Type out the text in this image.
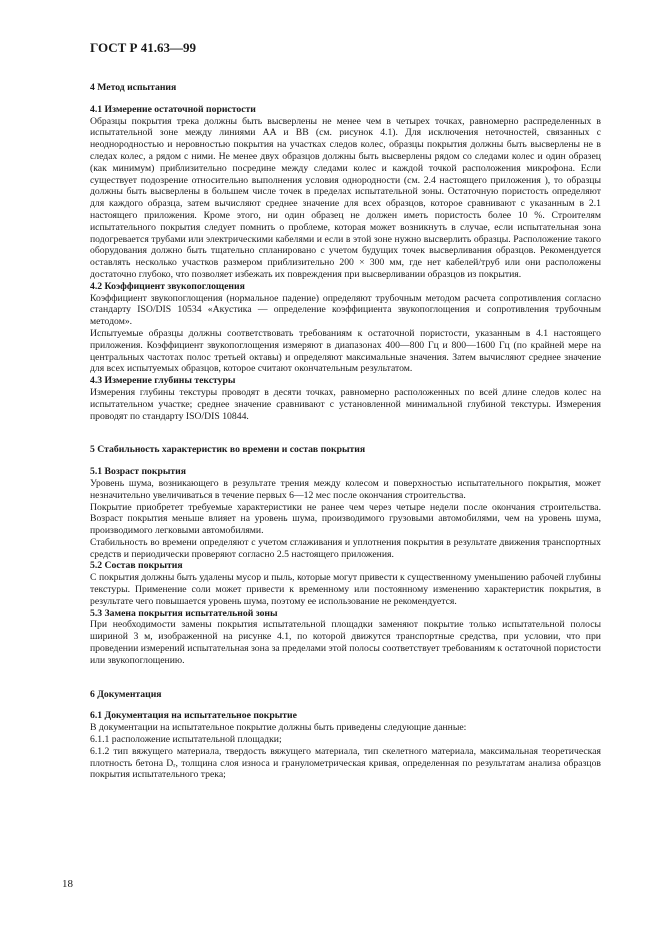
ГОСТ Р 41.63—99
4 Метод испытания
4.1 Измерение остаточной пористости

Образцы покрытия трека должны быть высверлены не менее чем в четырех точках, равномерно распределенных в испытательной зоне между линиями AA и BB (см. рисунок 4.1). Для исключения неточностей, связанных с неоднородностью и неровностью покрытия на участках следов колес, образцы покрытия должны быть высверлены не в следах колес, а рядом с ними. Не менее двух образцов должны быть высверлены рядом со следами колес и один образец (как минимум) приблизительно посредине между следами колес и каждой точкой расположения микрофона. Если существует подозрение относительно выполнения условия однородности (см. 2.4 настоящего приложения ), то образцы должны быть высверлены в большем числе точек в пределах испытательной зоны. Остаточную пористость определяют для каждого образца, затем вычисляют среднее значение для всех образцов, которое сравнивают с указанным в 2.1 настоящего приложения. Кроме этого, ни один образец не должен иметь пористость более 10 %. Строителям испытательного покрытия следует помнить о проблеме, которая может возникнуть в случае, если испытательная зона подогревается трубами или электрическими кабелями и если в этой зоне нужно высверлить образцы. Расположение такого оборудования должно быть тщательно спланировано с учетом будущих точек высверливания образцов. Рекомендуется оставлять несколько участков размером приблизительно 200 × 300 мм, где нет кабелей/труб или они расположены достаточно глубоко, что позволяет избежать их повреждения при высверливании образцов из покрытия.

4.2 Коэффициент звукопоглощения

Коэффициент звукопоглощения (нормальное падение) определяют трубочным методом расчета сопротивления согласно стандарту ISO/DIS 10534 «Акустика — определение коэффициента звукопоглощения и сопротивления трубочным методом».

Испытуемые образцы должны соответствовать требованиям к остаточной пористости, указанным в 4.1 настоящего приложения. Коэффициент звукопоглощения измеряют в диапазонах 400—800 Гц и 800—1600 Гц (по крайней мере на центральных частотах полос третьей октавы) и определяют максимальные значения. Затем вычисляют среднее значение для всех испытуемых образцов, которое считают окончательным результатом.

4.3 Измерение глубины текстуры

Измерения глубины текстуры проводят в десяти точках, равномерно расположенных по всей длине следов колес на испытательном участке; среднее значение сравнивают с установленной минимальной глубиной текстуры. Измерения проводят по стандарту ISO/DIS 10844.

5 Стабильность характеристик во времени и состав покрытия
5.1 Возраст покрытия

Уровень шума, возникающего в результате трения между колесом и поверхностью испытательного покрытия, может незначительно увеличиваться в течение первых 6—12 мес после окончания строительства.

Покрытие приобретет требуемые характеристики не ранее чем через четыре недели после окончания строительства. Возраст покрытия меньше влияет на уровень шума, производимого грузовыми автомобилями, чем на уровень шума, производимого легковыми автомобилями.

Стабильность во времени определяют с учетом сглаживания и уплотнения покрытия в результате движения транспортных средств и периодически проверяют согласно 2.5 настоящего приложения.

5.2 Состав покрытия

С покрытия должны быть удалены мусор и пыль, которые могут привести к существенному уменьшению рабочей глубины текстуры. Применение соли может привести к временному или постоянному изменению характеристик покрытия, в результате чего повышается уровень шума, поэтому ее использование не рекомендуется.

5.3 Замена покрытия испытательной зоны

При необходимости замены покрытия испытательной площадки заменяют покрытие только испытательной полосы шириной 3 м, изображенной на рисунке 4.1, по которой движутся транспортные средства, при условии, что при проведении измерений испытательная зона за пределами этой полосы соответствует требованиям к остаточной пористости или звукопоглощению.

6 Документация
6.1 Документация на испытательное покрытие

В документации на испытательное покрытие должны быть приведены следующие данные:

6.1.1 расположение испытательной площадки;

6.1.2 тип вяжущего материала, твердость вяжущего материала, тип скелетного материала, максимальная теоретическая плотность бетона Dᵣ, толщина слоя износа и гранулометрическая кривая, определенная по результатам анализа образцов покрытия испытательного трека;

18
